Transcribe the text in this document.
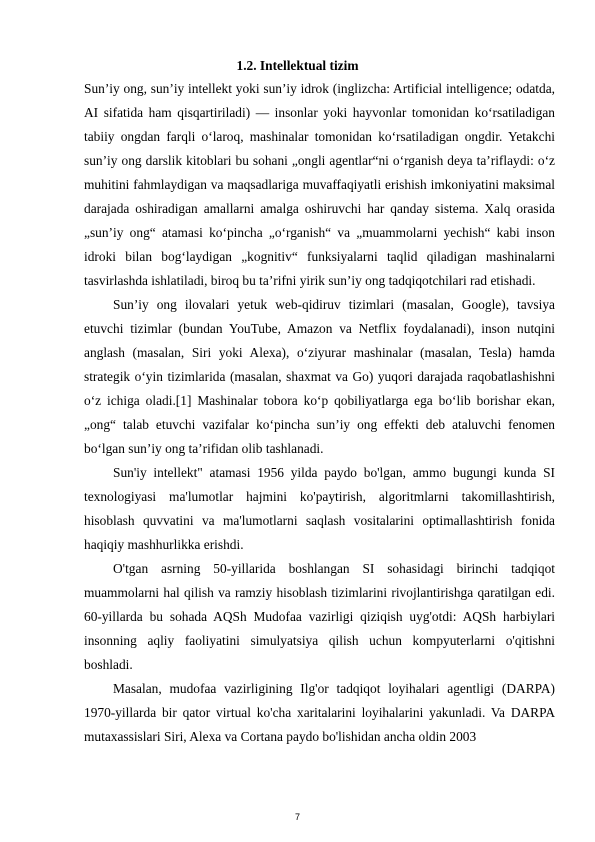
1.2. Intellektual tizim

Sun’iy ong, sun’iy intellekt yoki sun’iy idrok (inglizcha: Artificial intelligence; odatda, AI sifatida ham qisqartiriladi) — insonlar yoki hayvonlar tomonidan ko‘rsatiladigan tabiiy ongdan farqli o‘laroq, mashinalar tomonidan ko‘rsatiladigan ongdir. Yetakchi sun’iy ong darslik kitoblari bu sohani „ongli agentlar“ni o‘rganish deya ta’riflaydi: o‘z muhitini fahmlaydigan va maqsadlariga muvaffaqiyatli erishish imkoniyatini maksimal darajada oshiradigan amallarni amalga oshiruvchi har qanday sistema. Xalq orasida „sun’iy ong“ atamasi ko‘pincha „o‘rganish“ va „muammolarni yechish“ kabi inson idroki bilan bog‘laydigan „kognitiv“ funksiyalarni taqlid qiladigan mashinalarni tasvirlashda ishlatiladi, biroq bu ta’rifni yirik sun’iy ong tadqiqotchilari rad etishadi.

Sun’iy ong ilovalari yetuk web-qidiruv tizimlari (masalan, Google), tavsiya etuvchi tizimlar (bundan YouTube, Amazon va Netflix foydalanadi), inson nutqini anglash (masalan, Siri yoki Alexa), o‘ziyurar mashinalar (masalan, Tesla) hamda strategik o‘yin tizimlarida (masalan, shaxmat va Go) yuqori darajada raqobatlashishni o‘z ichiga oladi.[1] Mashinalar tobora ko‘p qobiliyatlarga ega bo‘lib borishar ekan, „ong“ talab etuvchi vazifalar ko‘pincha sun’iy ong effekti deb ataluvchi fenomen bo‘lgan sun’iy ong ta’rifidan olib tashlanadi.

Sun'iy intellekt" atamasi 1956 yilda paydo bo'lgan, ammo bugungi kunda SI texnologiyasi ma'lumotlar hajmini ko'paytirish, algoritmlarni takomillashtirish, hisoblash quvvatini va ma'lumotlarni saqlash vositalarini optimallashtirish fonida haqiqiy mashhurlikka erishdi.

O'tgan asrning 50-yillarida boshlangan SI sohasidagi birinchi tadqiqot muammolarni hal qilish va ramziy hisoblash tizimlarini rivojlantirishga qaratilgan edi. 60-yillarda bu sohada AQSh Mudofaa vazirligi qiziqish uyg'otdi: AQSh harbiylari insonning aqliy faoliyatini simulyatsiya qilish uchun kompyuterlarni o'qitishni boshladi.

Masalan, mudofaa vazirligining Ilg'or tadqiqot loyihalari agentligi (DARPA) 1970-yillarda bir qator virtual ko'cha xaritalarini loyihalarini yakunladi. Va DARPA mutaxassislari Siri, Alexa va Cortana paydo bo'lishidan ancha oldin 2003

7
